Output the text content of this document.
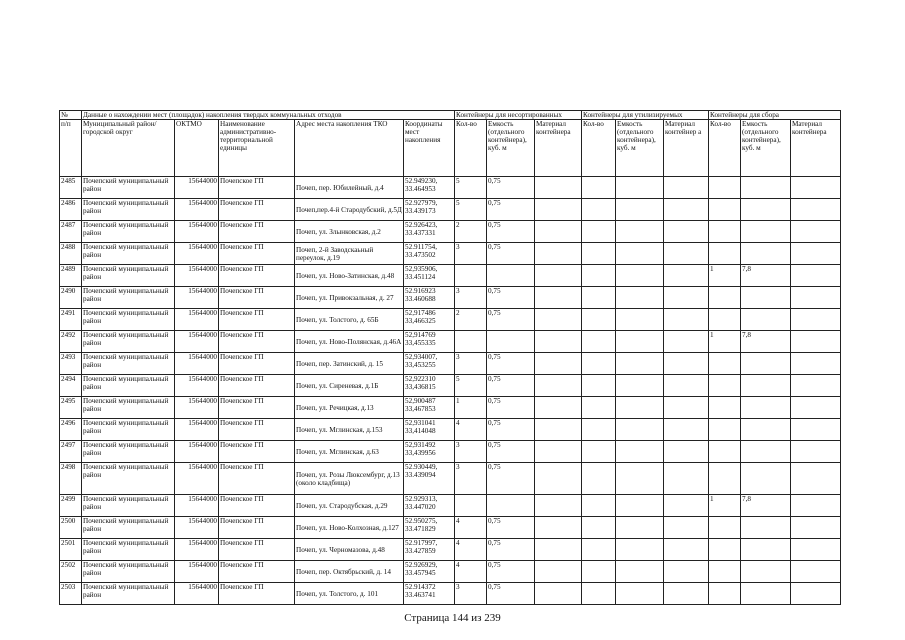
№	Данные о нахождении мест (площадок) накопления твердых коммунальных отходов					Контейнеры для несортированных			Контейнеры для утилизируемых			Контейнеры для сбора		
п/п	Муниципальный район/городской округ	ОКТМО	Наименование административно-территориальной единицы	Адрес места накопления ТКО	Координаты мест накопления	Кол-во	Емкость (отдельного контейнера), куб. м	Материал контейнера	Кол-во	Емкость (отдельного контейнера), куб. м	Материал контейнер а	Кол-во	Емкость (отдельного контейнера), куб. м	Материал контейнера
2485	Почепский муниципальный район	15644000	Почепское ГП	Почеп, пер. Юбилейный, д.4	52.949230, 33.464953	5	0,75							
2486	Почепский муниципальный район	15644000	Почепское ГП	Почеп,пер.4-й Стародубский, д.5Д	52.927979, 33.439173	5	0,75							
2487	Почепский муниципальный район	15644000	Почепское ГП	Почеп, ул. Злынковская, д.2	52.926423, 33.437331	2	0,75							
2488	Почепский муниципальный район	15644000	Почепское ГП	Почеп, 2-й Заводскаьный переулок, д.19	52.911754, 33.473502	3	0,75							
2489	Почепский муниципальный район	15644000	Почепское ГП	Почеп, ул. Ново-Затинская, д.48	52,935906, 33.451124							1	7,8	
2490	Почепский муниципальный район	15644000	Почепское ГП	Почеп, ул. Привокзальная, д. 27	52.916923 33.460688	3	0,75							
2491	Почепский муниципальный район	15644000	Почепское ГП	Почеп, ул. Толстого, д. 65Б	52,917486 33,466325	2	0,75							
2492	Почепский муниципальный район	15644000	Почепское ГП	Почеп, ул. Ново-Полянская, д.46А	52,914769 33,455335							1	7,8	
2493	Почепский муниципальный район	15644000	Почепское ГП	Почеп, пер. Затинский, д. 15	52,934007, 33,453255	3	0,75							
2494	Почепский муниципальный район	15644000	Почепское ГП	Почеп, ул. Сиреневая, д.1Б	52,922310 33,436815	5	0,75							
2495	Почепский муниципальный район	15644000	Почепское ГП	Почеп, ул. Речицкая, д.13	52,900487 33,467853	1	0,75							
2496	Почепский муниципальный район	15644000	Почепское ГП	Почеп, ул. Мглинская, д.153	52,931041 33,414048	4	0,75							
2497	Почепский муниципальный район	15644000	Почепское ГП	Почеп, ул. Мглинская, д.63	52,931492 33,439956	3	0,75							
2498	Почепский муниципальный район	15644000	Почепское ГП	Почеп, ул. Розы Люксембург, д.13 (около кладбища)	52.930449, 33.439094	3	0,75							
2499	Почепский муниципальный район	15644000	Почепское ГП	Почеп, ул. Стародубская, д.29	52.929313, 33.447020							1	7,8	
2500	Почепский муниципальный район	15644000	Почепское ГП	Почеп, ул. Ново-Колхозная, д.127	52.950275, 33.471829	4	0,75							
2501	Почепский муниципальный район	15644000	Почепское ГП	Почеп, ул. Черномазова, д.48	52.917997, 33.427859	4	0,75							
2502	Почепский муниципальный район	15644000	Почепское ГП	Почеп, пер. Октябрьский, д. 14	52.926929, 33.457945	4	0,75							
2503	Почепский муниципальный район	15644000	Почепское ГП	Почеп, ул. Толстого, д. 101	52.914372 33.463741	3	0,75							
Страница 144 из 239
